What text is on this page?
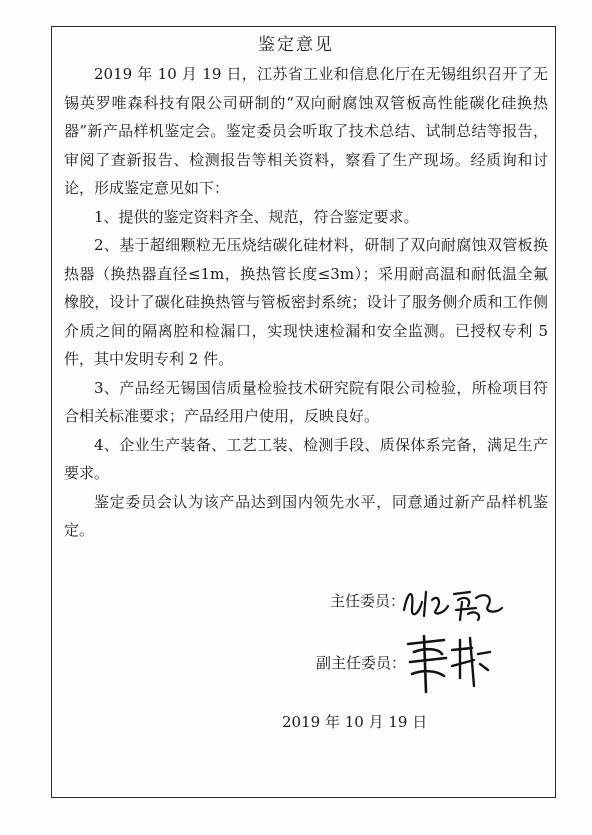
鉴定意见

2019 年 10 月 19 日，江苏省工业和信息化厅在无锡组织召开了无锡英罗唯森科技有限公司研制的“双向耐腐蚀双管板高性能碳化硅换热器”新产品样机鉴定会。鉴定委员会听取了技术总结、试制总结等报告，审阅了查新报告、检测报告等相关资料，察看了生产现场。经质询和讨论，形成鉴定意见如下：

1、提供的鉴定资料齐全、规范，符合鉴定要求。

2、基于超细颗粒无压烧结碳化硅材料，研制了双向耐腐蚀双管板换热器（换热器直径≤1m，换热管长度≤3m）；采用耐高温和耐低温全氟橡胶，设计了碳化硅换热管与管板密封系统；设计了服务侧介质和工作侧介质之间的隔离腔和检漏口，实现快速检漏和安全监测。已授权专利 5 件，其中发明专利 2 件。

3、产品经无锡国信质量检验技术研究院有限公司检验，所检项目符合相关标准要求；产品经用户使用，反映良好。

4、企业生产装备、工艺工装、检测手段、质保体系完备，满足生产要求。

鉴定委员会认为该产品达到国内领先水平，同意通过新产品样机鉴定。

主任委员：
副主任委员：
2019 年 10 月 19 日
